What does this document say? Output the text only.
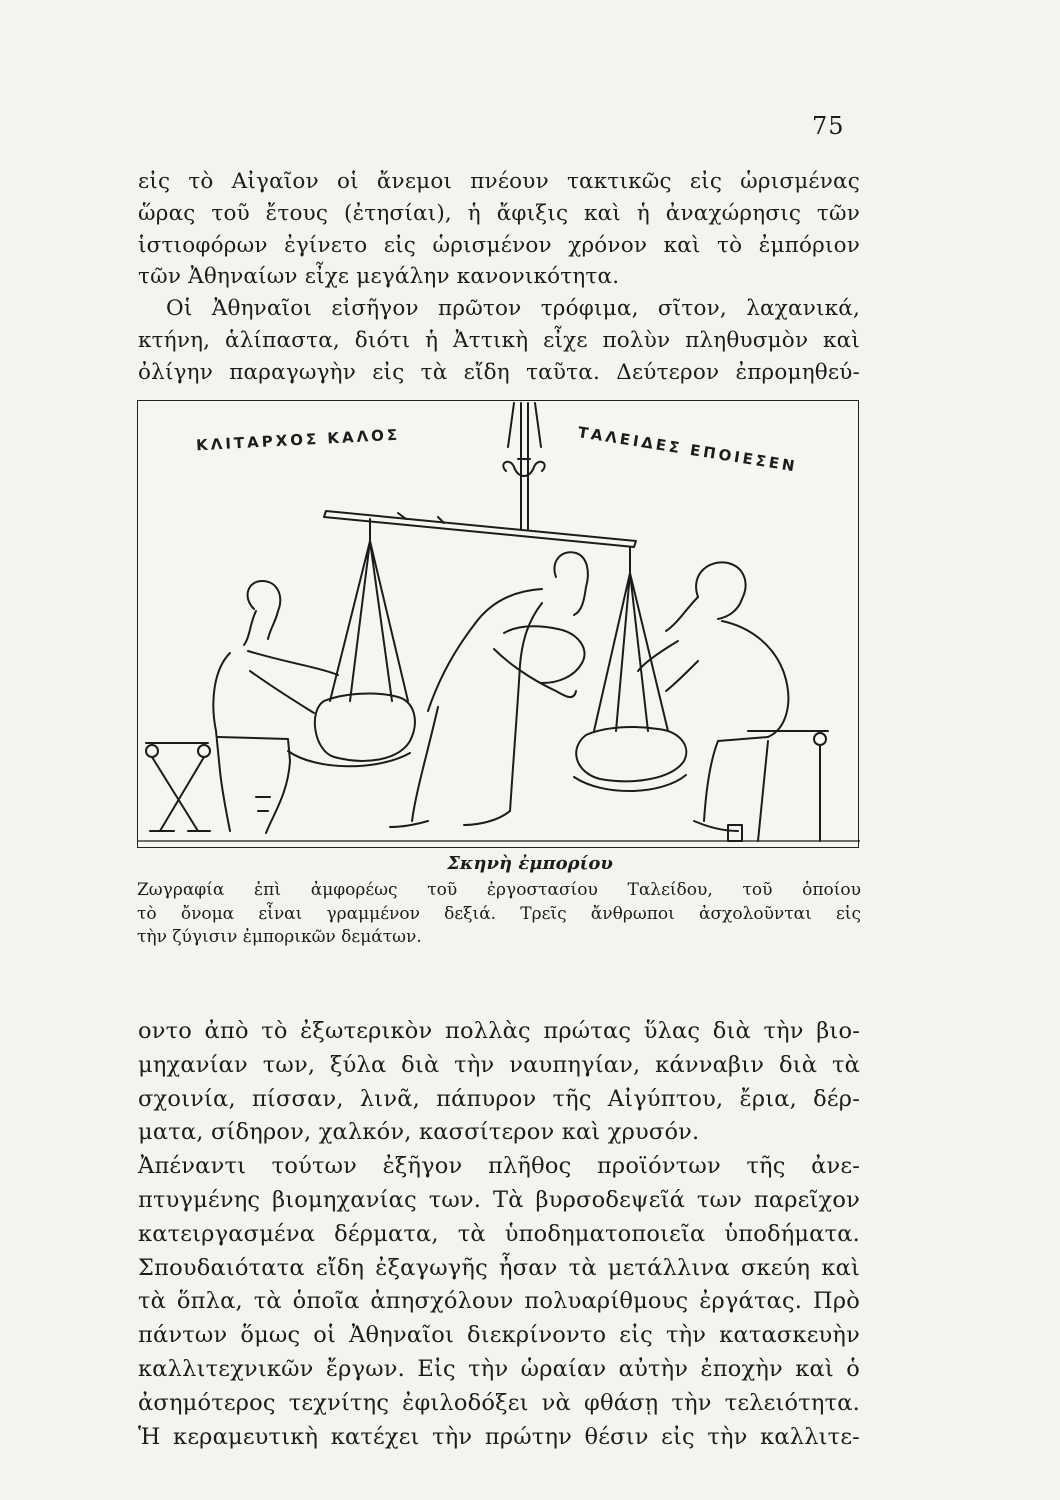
75
εἰς τὸ Αἰγαῖον οἱ ἄνεμοι πνέουν τακτικῶς εἰς ὡρισμένας
ὥρας τοῦ ἔτους (ἐτησίαι), ἡ ἄφιξις καὶ ἡ ἀναχώρησις τῶν
ἱστιοφόρων ἐγίνετο εἰς ὡρισμένον χρόνον καὶ τὸ ἐμπόριον
τῶν Ἀθηναίων εἶχε μεγάλην κανονικότητα.
Οἱ Ἀθηναῖοι εἰσῆγον πρῶτον τρόφιμα, σῖτον, λαχανικά,
κτήνη, ἁλίπαστα, διότι ἡ Ἀττικὴ εἶχε πολὺν πληθυσμὸν καὶ
ὀλίγην παραγωγὴν εἰς τὰ εἴδη ταῦτα. Δεύτερον ἐπρομηθεύ-
ΚΛΙΤΑΡΧΟΣ ΚΑΛΟΣ	ΤΑΛΕΙΔΕΣ ΕΠΟΙΕΣΕΝ
Σκηνὴ ἐμπορίου
Ζωγραφία ἐπὶ ἀμφορέως τοῦ ἐργοστασίου Ταλείδου, τοῦ ὁποίου
τὸ ὄνομα εἶναι γραμμένον δεξιά. Τρεῖς ἄνθρωποι ἀσχολοῦνται εἰς
τὴν ζύγισιν ἐμπορικῶν δεμάτων.
οντο ἀπὸ τὸ ἐξωτερικὸν πολλὰς πρώτας ὕλας διὰ τὴν βιο-
μηχανίαν των, ξύλα διὰ τὴν ναυπηγίαν, κάνναβιν διὰ τὰ
σχοινία, πίσσαν, λινᾶ, πάπυρον τῆς Αἰγύπτου, ἔρια, δέρ-
ματα, σίδηρον, χαλκόν, κασσίτερον καὶ χρυσόν.
Ἀπέναντι τούτων ἐξῆγον πλῆθος προϊόντων τῆς ἀνε-
πτυγμένης βιομηχανίας των. Τὰ βυρσοδεψεῖά των παρεῖχον
κατειργασμένα δέρματα, τὰ ὑποδηματοποιεῖα ὑποδήματα.
Σπουδαιότατα εἴδη ἐξαγωγῆς ἦσαν τὰ μετάλλινα σκεύη καὶ
τὰ ὅπλα, τὰ ὁποῖα ἀπησχόλουν πολυαρίθμους ἐργάτας. Πρὸ
πάντων ὅμως οἱ Ἀθηναῖοι διεκρίνοντο εἰς τὴν κατασκευὴν
καλλιτεχνικῶν ἔργων. Εἰς τὴν ὡραίαν αὐτὴν ἐποχὴν καὶ ὁ
ἀσημότερος τεχνίτης ἐφιλοδόξει νὰ φθάσῃ τὴν τελειότητα.
Ἡ κεραμευτικὴ κατέχει τὴν πρώτην θέσιν εἰς τὴν καλλιτε-
